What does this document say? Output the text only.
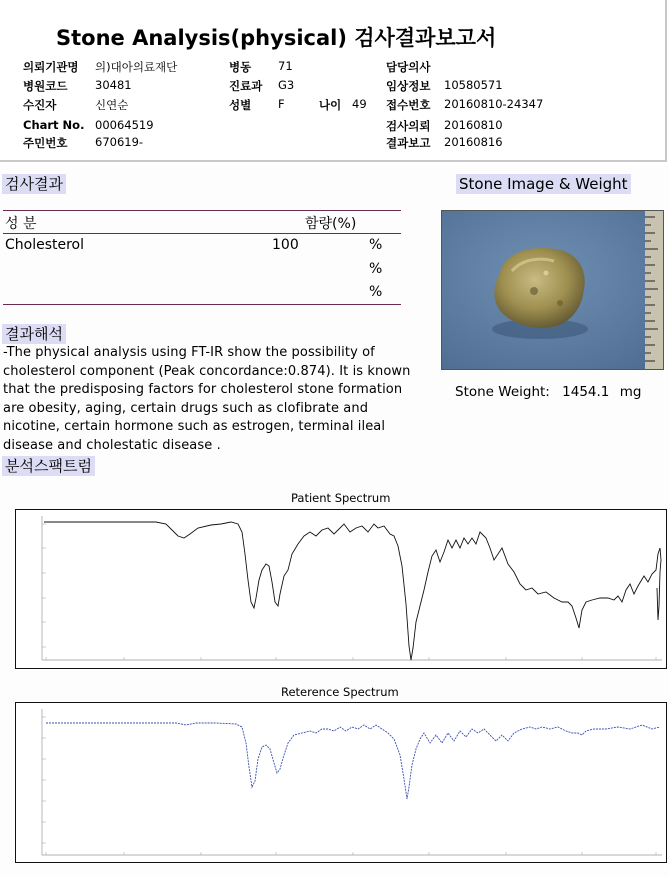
Stone Analysis(physical) 검사결과보고서
의뢰기관명 의)대아의료재단
병원코드 30481
수진자	신연순
Chart No. 00064519
주민번호 670619-
병동 71
진료과 G3
성별 F	나이 49
담당의사
임상정보 10580571
접수번호 20160810-24347
검사의뢰 20160810
결과보고 20160816
검사결과
성 분	함량(%)
Cholesterol	100	%
%
%
Stone Image & Weight
Stone Weight: 1454.1 mg
결과해석
-The physical analysis using FT-IR show the possibility of cholesterol component (Peak concordance:0.874). It is known that the predisposing factors for cholesterol stone formation are obesity, aging, certain drugs such as clofibrate and nicotine, certain hormone such as estrogen, terminal ileal disease and cholestatic disease .
분석스팩트럼
Patient Spectrum
Reterence Spectrum
